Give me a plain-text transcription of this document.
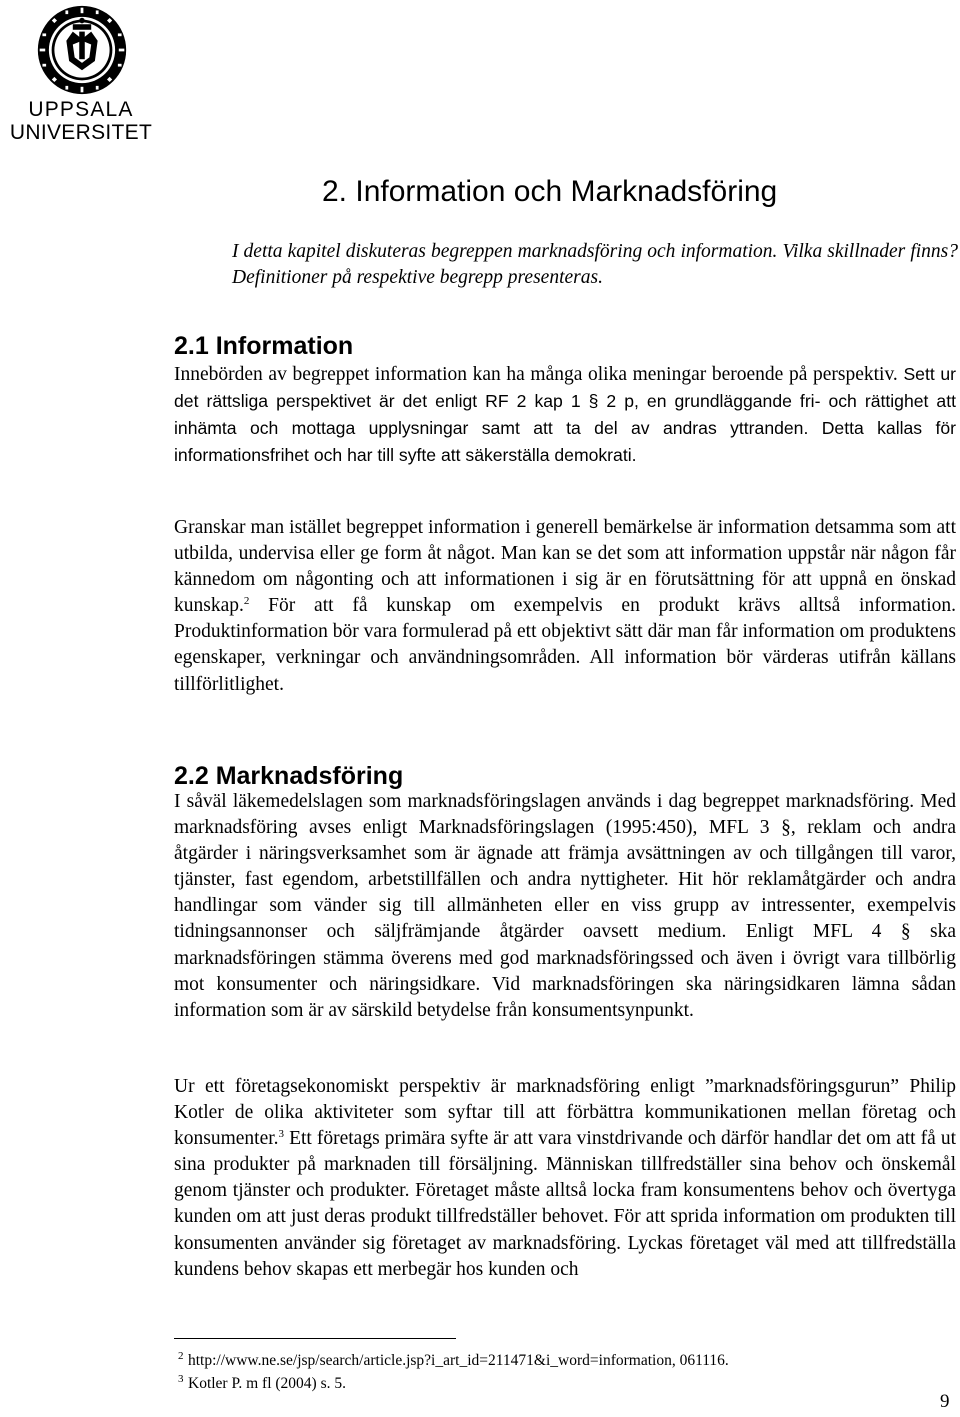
UPPSALA
UNIVERSITET
2. Information och Marknadsföring

I detta kapitel diskuteras begreppen marknadsföring och information. Vilka skillnader finns? Definitioner på respektive begrepp presenteras.

2.1 Information

Innebörden av begreppet information kan ha många olika meningar beroende på perspektiv. Sett ur det rättsliga perspektivet är det enligt RF 2 kap 1 § 2 p, en grundläggande fri- och rättighet att inhämta och mottaga upplysningar samt att ta del av andras yttranden. Detta kallas för informationsfrihet och har till syfte att säkerställa demokrati.

Granskar man istället begreppet information i generell bemärkelse är information detsamma som att utbilda, undervisa eller ge form åt något. Man kan se det som att information uppstår när någon får kännedom om någonting och att informationen i sig är en förutsättning för att uppnå en önskad kunskap.$^2$ För att få kunskap om exempelvis en produkt krävs alltså information. Produktinformation bör vara formulerad på ett objektivt sätt där man får information om produktens egenskaper, verkningar och användningsområden. All information bör värderas utifrån källans tillförlitlighet.

2.2 Marknadsföring

I såväl läkemedelslagen som marknadsföringslagen används i dag begreppet marknadsföring. Med marknadsföring avses enligt Marknadsföringslagen (1995:450), MFL 3 §, reklam och andra åtgärder i näringsverksamhet som är ägnade att främja avsättningen av och tillgången till varor, tjänster, fast egendom, arbetstillfällen och andra nyttigheter. Hit hör reklamåtgärder och andra handlingar som vänder sig till allmänheten eller en viss grupp av intressenter, exempelvis tidningsannonser och säljfrämjande åtgärder oavsett medium. Enligt MFL 4 § ska marknadsföringen stämma överens med god marknadsföringssed och även i övrigt vara tillbörlig mot konsumenter och näringsidkare. Vid marknadsföringen ska näringsidkaren lämna sådan information som är av särskild betydelse från konsumentsynpunkt.

Ur ett företagsekonomiskt perspektiv är marknadsföring enligt ”marknadsföringsgurun” Philip Kotler de olika aktiviteter som syftar till att förbättra kommunikationen mellan företag och konsumenter.$^3$ Ett företags primära syfte är att vara vinstdrivande och därför handlar det om att få ut sina produkter på marknaden till försäljning. Människan tillfredställer sina behov och önskemål genom tjänster och produkter. Företaget måste alltså locka fram konsumentens behov och övertyga kunden om att just deras produkt tillfredställer behovet. För att sprida information om produkten till konsumenten använder sig företaget av marknadsföring. Lyckas företaget väl med att tillfredställa kundens behov skapas ett merbegär hos kunden och

2 http://www.ne.se/jsp/search/article.jsp?i_art_id=211471&i_word=information, 061116.
3 Kotler P. m fl (2004) s. 5.
9
